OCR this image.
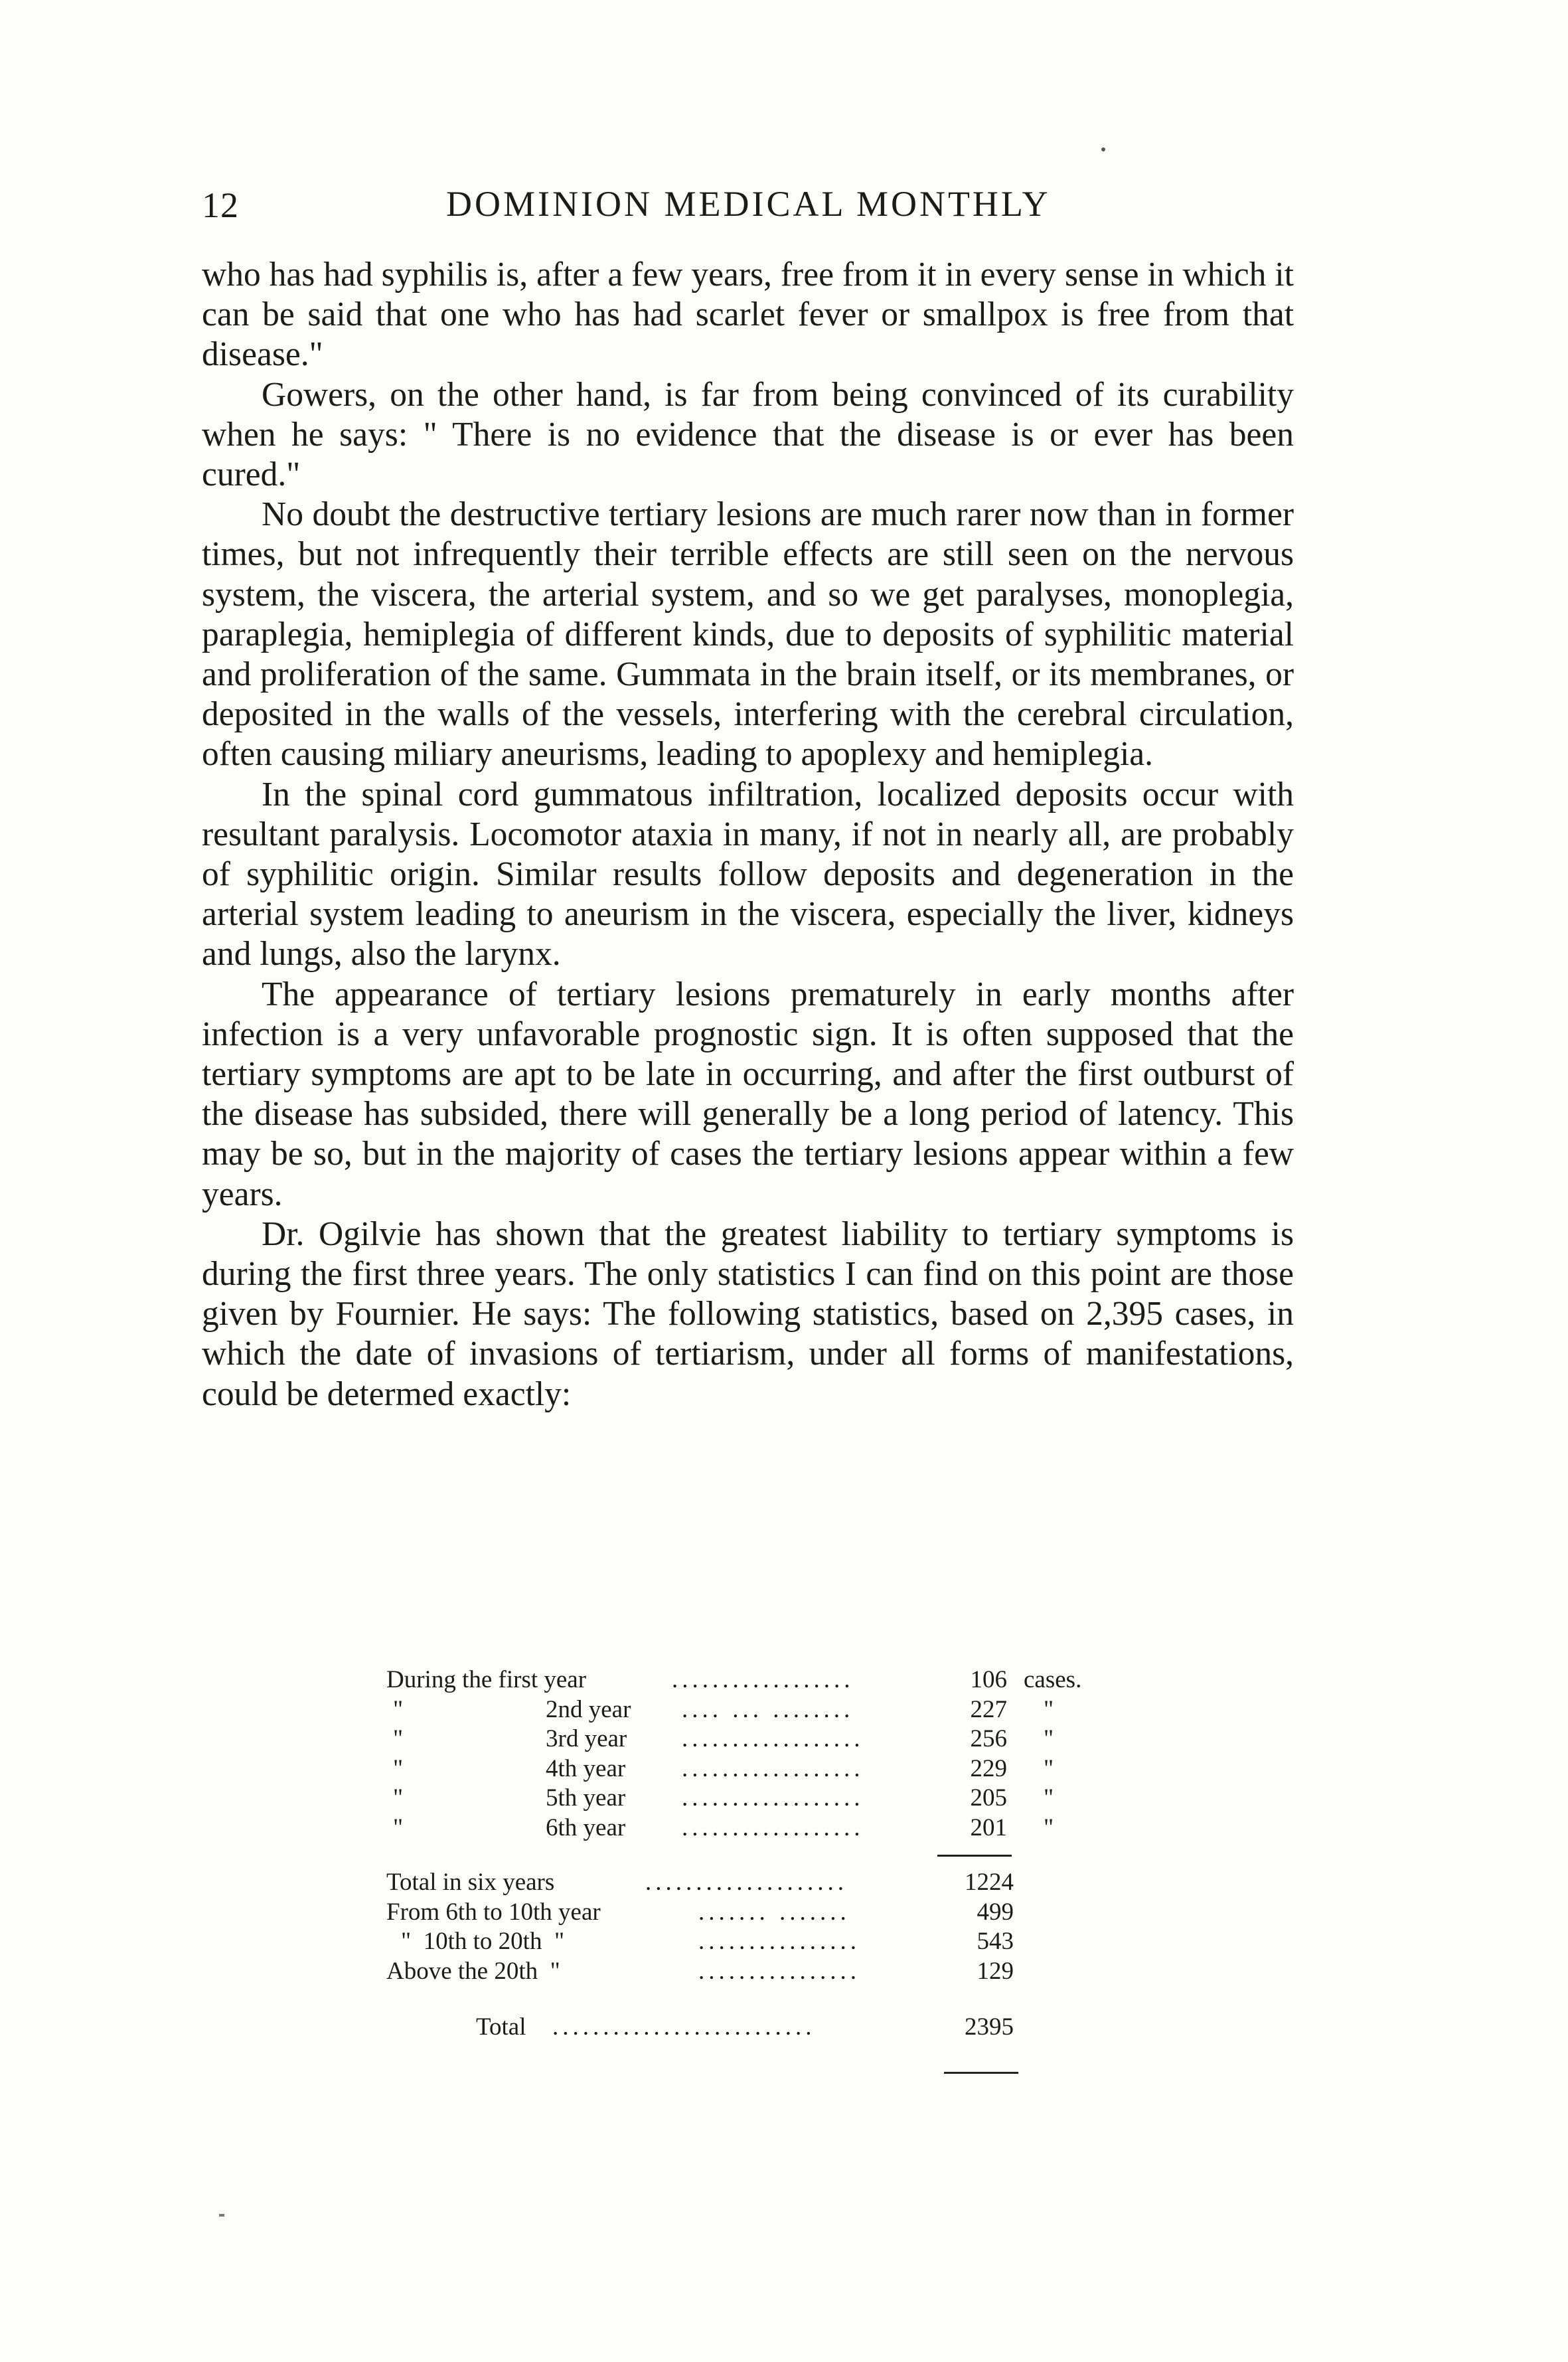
12	DOMINION MEDICAL MONTHLY

who has had syphilis is, after a few years, free from it in every sense in which it can be said that one who has had scarlet fever or smallpox is free from that disease."

Gowers, on the other hand, is far from being convinced of its curability when he says: " There is no evidence that the disease is or ever has been cured."

No doubt the destructive tertiary lesions are much rarer now than in former times, but not infrequently their terrible effects are still seen on the nervous system, the viscera, the arterial system, and so we get paralyses, monoplegia, paraplegia, hemiplegia of different kinds, due to deposits of syphilitic material and proliferation of the same. Gummata in the brain itself, or its membranes, or deposited in the walls of the vessels, interfering with the cerebral circulation, often causing miliary aneurisms, leading to apoplexy and hemiplegia.

In the spinal cord gummatous infiltration, localized deposits occur with resultant paralysis. Locomotor ataxia in many, if not in nearly all, are probably of syphilitic origin. Similar results follow deposits and degeneration in the arterial system leading to aneurism in the viscera, especially the liver, kidneys and lungs, also the larynx.

The appearance of tertiary lesions prematurely in early months after infection is a very unfavorable prognostic sign. It is often supposed that the tertiary symptoms are apt to be late in occurring, and after the first outburst of the disease has subsided, there will generally be a long period of latency. This may be so, but in the majority of cases the tertiary lesions appear within a few years.

Dr. Ogilvie has shown that the greatest liability to tertiary symptoms is during the first three years. The only statistics I can find on this point are those given by Fournier. He says: The following statistics, based on 2,395 cases, in which the date of invasions of tertiarism, under all forms of manifestations, could be determed exactly:

During the first year	..................	106 cases.
"	2nd year .... ... ........	227 "
"	3rd year ..................	256 "
"	4th year ..................	229 "
"	5th year ..................	205 "
"	6th year ..................	201 "
Total in six years	....................	1224
From 6th to 10th year	....... .......	499
"  10th to 20th  "	................	543
Above the 20th  "	................	129
Total ..........................	2395
